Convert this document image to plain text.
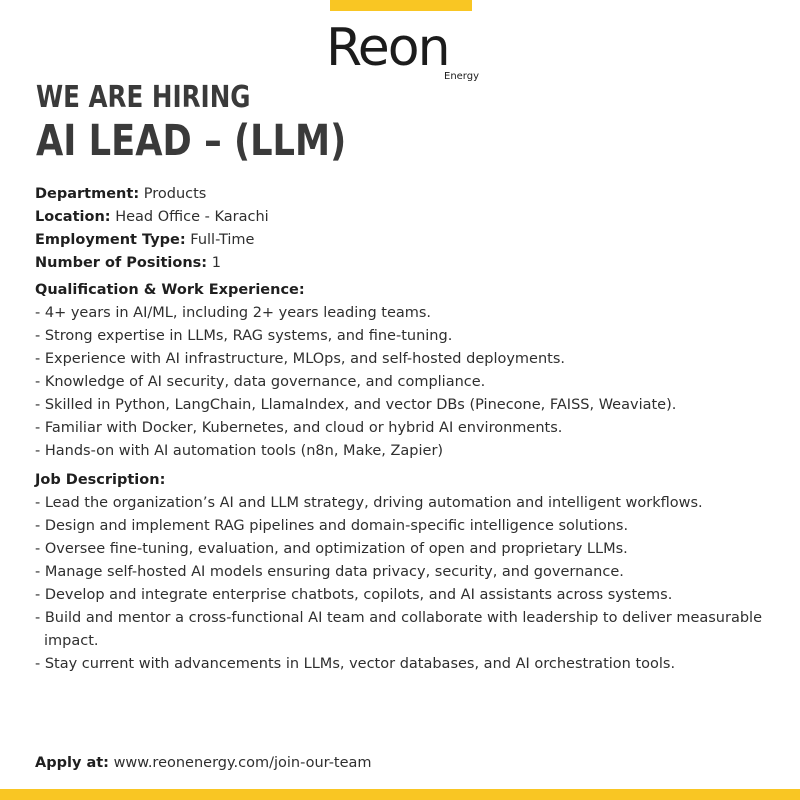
Reon
Energy
WE ARE HIRING
AI LEAD – (LLM)
Department: Products
Location: Head Office - Karachi
Employment Type: Full-Time
Number of Positions: 1
Qualification & Work Experience:
- 4+ years in AI/ML, including 2+ years leading teams.
- Strong expertise in LLMs, RAG systems, and fine-tuning.
- Experience with AI infrastructure, MLOps, and self-hosted deployments.
- Knowledge of AI security, data governance, and compliance.
- Skilled in Python, LangChain, LlamaIndex, and vector DBs (Pinecone, FAISS, Weaviate).
- Familiar with Docker, Kubernetes, and cloud or hybrid AI environments.
- Hands-on with AI automation tools (n8n, Make, Zapier)
Job Description:
- Lead the organization’s AI and LLM strategy, driving automation and intelligent workflows.
- Design and implement RAG pipelines and domain-specific intelligence solutions.
- Oversee fine-tuning, evaluation, and optimization of open and proprietary LLMs.
- Manage self-hosted AI models ensuring data privacy, security, and governance.
- Develop and integrate enterprise chatbots, copilots, and AI assistants across systems.
- Build and mentor a cross-functional AI team and collaborate with leadership to deliver measurable impact.
- Stay current with advancements in LLMs, vector databases, and AI orchestration tools.
Apply at: www.reonenergy.com/join-our-team
